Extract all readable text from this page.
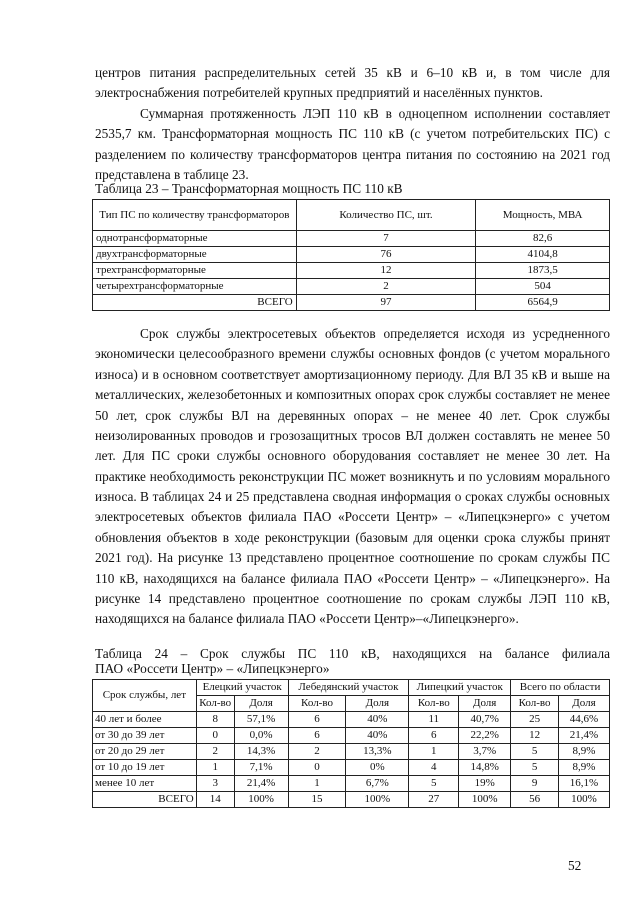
центров питания распределительных сетей 35 кВ и 6–10 кВ и, в том числе для электроснабжения потребителей крупных предприятий и населённых пунктов.

Суммарная протяженность ЛЭП 110 кВ в одноцепном исполнении составляет 2535,7 км. Трансформаторная мощность ПС 110 кВ (с учетом потребительских ПС) с разделением по количеству трансформаторов центра питания по состоянию на 2021 год представлена в таблице 23.

Таблица 23 – Трансформаторная мощность ПС 110 кВ

Тип ПС по количеству трансформаторов	Количество ПС, шт.	Мощность, МВА
однотрансформаторные	7	82,6
двухтрансформаторные	76	4104,8
трехтрансформаторные	12	1873,5
четырехтрансформаторные	2	504
ВСЕГО	97	6564,9

Срок службы электросетевых объектов определяется исходя из усредненного экономически целесообразного времени службы основных фондов (с учетом морального износа) и в основном соответствует амортизационному периоду. Для ВЛ 35 кВ и выше на металлических, железобетонных и композитных опорах срок службы составляет не менее 50 лет, срок службы ВЛ на деревянных опорах – не менее 40 лет. Срок службы неизолированных проводов и грозозащитных тросов ВЛ должен составлять не менее 50 лет. Для ПС сроки службы основного оборудования составляет не менее 30 лет. На практике необходимость реконструкции ПС может возникнуть и по условиям морального износа. В таблицах 24 и 25 представлена сводная информация о сроках службы основных электросетевых объектов филиала ПАО «Россети Центр» – «Липецкэнерго» с учетом обновления объектов в ходе реконструкции (базовым для оценки срока службы принят 2021 год). На рисунке 13 представлено процентное соотношение по срокам службы ПС 110 кВ, находящихся на балансе филиала ПАО «Россети Центр» – «Липецкэнерго». На рисунке 14 представлено процентное соотношение по срокам службы ЛЭП 110 кВ, находящихся на балансе филиала ПАО «Россети Центр»–«Липецкэнерго».

Таблица 24 – Срок службы ПС 110 кВ, находящихся на балансе филиала

ПАО «Россети Центр» – «Липецкэнерго»

Срок службы, лет	Елецкий участок		Лебедянский участок		Липецкий участок		Всего по области	
	Кол-во	Доля	Кол-во	Доля	Кол-во	Доля	Кол-во	Доля
40 лет и более	8	57,1%	6	40%	11	40,7%	25	44,6%
от 30 до 39 лет	0	0,0%	6	40%	6	22,2%	12	21,4%
от 20 до 29 лет	2	14,3%	2	13,3%	1	3,7%	5	8,9%
от 10 до 19 лет	1	7,1%	0	0%	4	14,8%	5	8,9%
менее 10 лет	3	21,4%	1	6,7%	5	19%	9	16,1%
ВСЕГО	14	100%	15	100%	27	100%	56	100%
52
